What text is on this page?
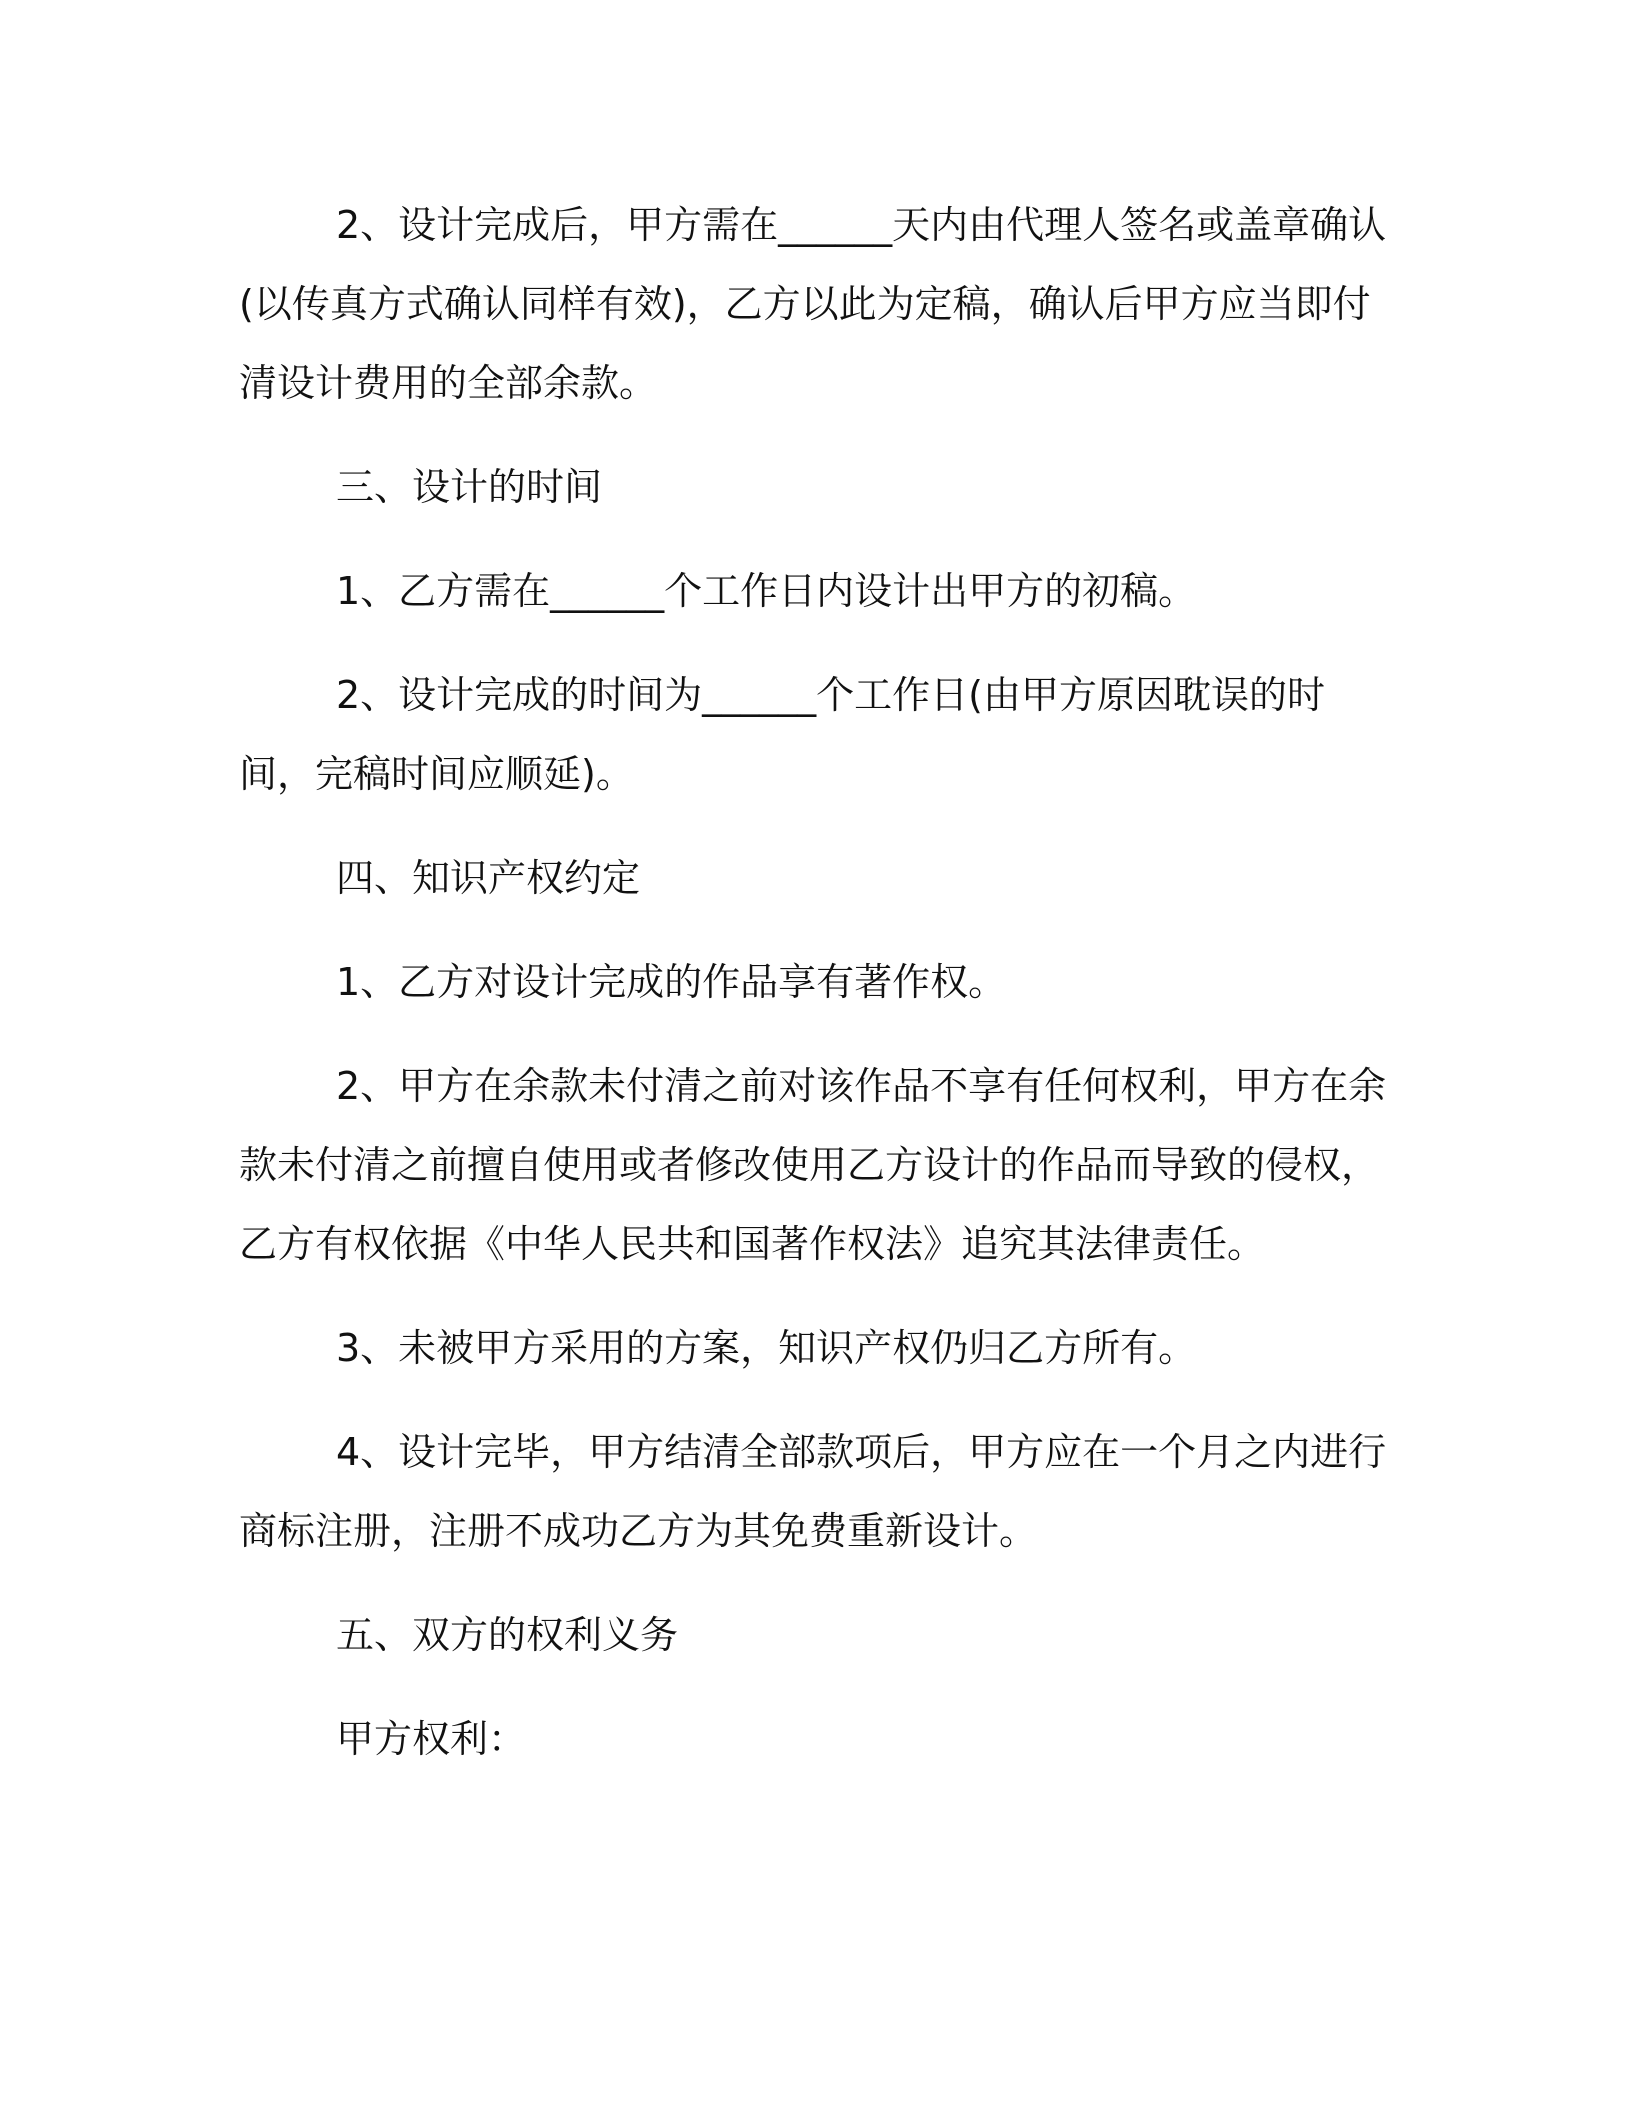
2、设计完成后，甲方需在______天内由代理人签名或盖章确认(以传真方式确认同样有效)，乙方以此为定稿，确认后甲方应当即付清设计费用的全部余款。

三、设计的时间

1、乙方需在______个工作日内设计出甲方的初稿。

2、设计完成的时间为______个工作日(由甲方原因耽误的时间，完稿时间应顺延)。

四、知识产权约定

1、乙方对设计完成的作品享有著作权。

2、甲方在余款未付清之前对该作品不享有任何权利，甲方在余款未付清之前擅自使用或者修改使用乙方设计的作品而导致的侵权，乙方有权依据《中华人民共和国著作权法》追究其法律责任。

3、未被甲方采用的方案，知识产权仍归乙方所有。

4、设计完毕，甲方结清全部款项后，甲方应在一个月之内进行商标注册，注册不成功乙方为其免费重新设计。

五、双方的权利义务

甲方权利：
